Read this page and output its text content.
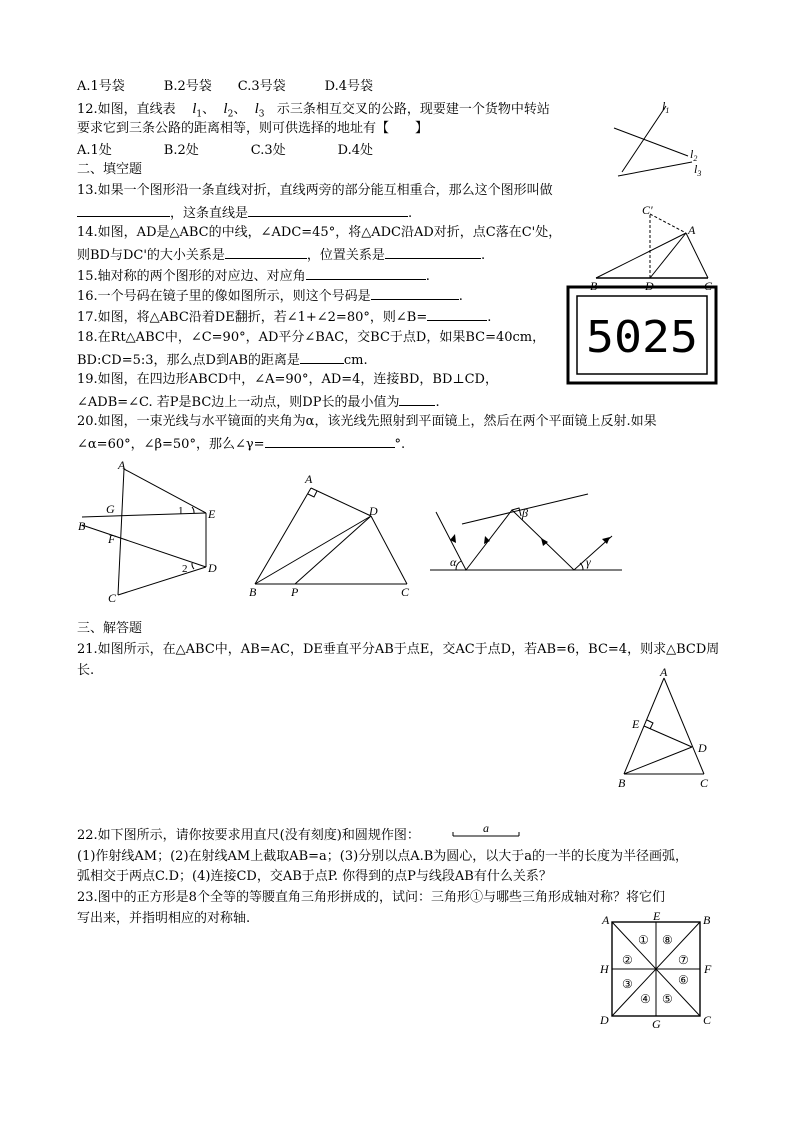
A.1号袋　　　B.2号袋　　C.3号袋　　　D.4号袋
12.如图，直线表 $l_1$、 $l_2$、 $l_3$ 示三条相互交叉的公路，现要建一个货物中转站
要求它到三条公路的距离相等，则可供选择的地址有【　　】
A.1处　　　　B.2处　　　　C.3处　　　　D.4处
二、填空题
13.如果一个图形沿一条直线对折，直线两旁的部分能互相重合，那么这个图形叫做
，这条直线是	.
14.如图，AD是△ABC的中线，∠ADC=45°，将△ADC沿AD对折，点C落在C'处，
则BD与DC'的大小关系是	，位置关系是	.
15.轴对称的两个图形的对应边、对应角	.
16.一个号码在镜子里的像如图所示，则这个号码是	.
17.如图，将△ABC沿着DE翻折，若∠1+∠2=80°，则∠B=	.
18.在Rt△ABC中，∠C=90°，AD平分∠BAC，交BC于点D，如果BC=40cm，
BD:CD=5:3，那么点D到AB的距离是	cm.
19.如图，在四边形ABCD中，∠A=90°，AD=4，连接BD，BD⊥CD，
∠ADB=∠C. 若P是BC边上一动点，则DP长的最小值为	.
20.如图，一束光线与水平镜面的夹角为α，该光线先照射到平面镜上，然后在两个平面镜上反射.如果
∠α=60°，∠β=50°，那么∠γ=	°.
三、解答题
21.如图所示，在△ABC中，AB=AC，DE垂直平分AB于点E，交AC于点D，若AB=6，BC=4，则求△BCD周
长.
22.如下图所示，请你按要求用直尺(没有刻度)和圆规作图：
(1)作射线AM；(2)在射线AM上截取AB=a；(3)分别以点A.B为圆心，以大于a的一半的长度为半径画弧，
弧相交于两点C.D；(4)连接CD，交AB于点P. 你得到的点P与线段AB有什么关系？
23.图中的正方形是8个全等的等腰直角三角形拼成的，试问：三角形①与哪些三角形成轴对称？将它们
写出来，并指明相应的对称轴.
a
$l_1$
$l_2$
$l_3$
C'
A
B	D	C
5025
A
G	E
1
B
F
2 D
C
A
D
B	P	C
α
β
γ
A
E
D
B	C
A	E	B
H	F
D	G	C
① ⑧
②	⑦
③	⑥
④ ⑤
